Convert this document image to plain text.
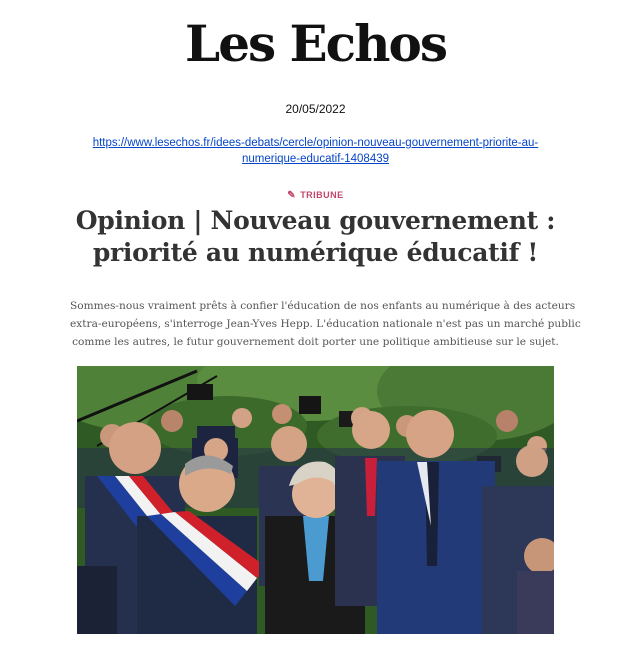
Les Echos
20/05/2022
https://www.lesechos.fr/idees-debats/cercle/opinion-nouveau-gouvernement-priorite-au-
numerique-educatif-1408439
✎ TRIBUNE
Opinion | Nouveau gouvernement :
priorité au numérique éducatif !
Sommes-nous vraiment prêts à confier l'éducation de nos enfants au numérique à des acteurs
extra-européens, s'interroge Jean-Yves Hepp. L'éducation nationale n'est pas un marché public
comme les autres, le futur gouvernement doit porter une politique ambitieuse sur le sujet.
